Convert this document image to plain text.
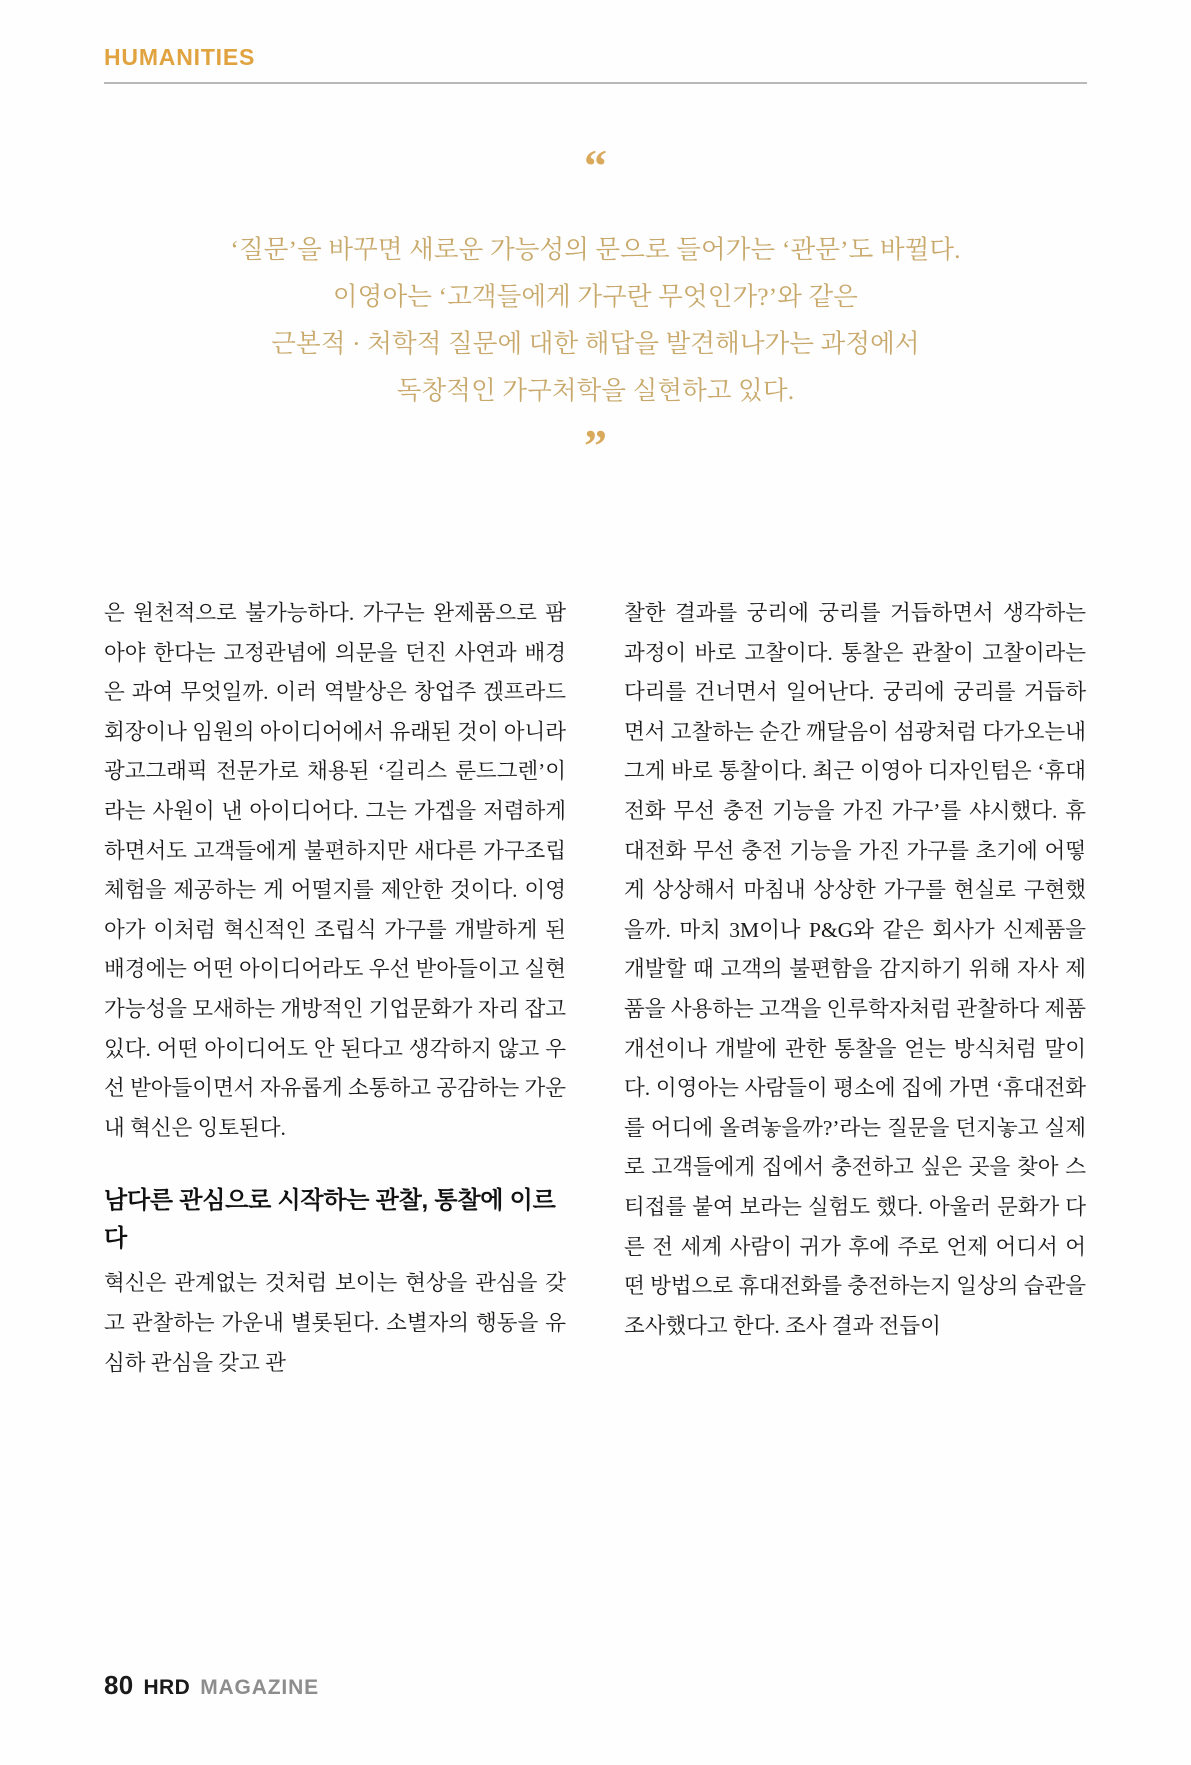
HUMANITIES
“
‘질문’을 바꾸면 새로운 가능성의 문으로 들어가는 ‘관문’도 바뀔다.
이영아는 ‘고객들에게 가구란 무엇인가?’와 같은
근본적 · 처학적 질문에 대한 해답을 발견해나가는 과정에서
독창적인 가구처학을 실현하고 있다.
”
은 원천적으로 불가능하다. 가구는 완제품으로 팜아야 한다는 고정관념에 의문을 던진 사연과 배경은 과여 무엇일까. 이러 역발상은 창업주 겑프라드 회장이나 임원의 아이디어에서 유래된 것이 아니라 광고그래픽 전문가로 채용된 ‘길리스 룬드그렌’이라는 사원이 낸 아이디어다. 그는 가겝을 저렴하게 하면서도 고객들에게 불편하지만 새다른 가구조립 체험을 제공하는 게 어떨지를 제안한 것이다. 이영아가 이처럼 혁신적인 조립식 가구를 개발하게 된 배경에는 어떤 아이디어라도 우선 받아들이고 실현가능성을 모새하는 개방적인 기업문화가 자리 잡고 있다. 어떤 아이디어도 안 된다고 생각하지 않고 우선 받아들이면서 자유롭게 소통하고 공감하는 가운내 혁신은 잉토된다.
남다른 관심으로 시작하는 관찰, 통찰에 이르다
혁신은 관계없는 것처럼 보이는 현상을 관심을 갖고 관찰하는 가운내 별롯된다. 소별자의 행동을 유심하 관심을 갖고 관
찰한 결과를 궁리에 궁리를 거듭하면서 생각하는 과정이 바로 고찰이다. 통찰은 관찰이 고찰이라는 다리를 건너면서 일어난다. 궁리에 궁리를 거듭하면서 고찰하는 순간 깨달음이 섬광처럼 다가오는내 그게 바로 통찰이다. 최근 이영아 디자인텀은 ‘휴대전화 무선 충전 기능을 가진 가구’를 샤시했다. 휴대전화 무선 충전 기능을 가진 가구를 초기에 어떻게 상상해서 마침내 상상한 가구를 현실로 구현했을까. 마치 3M이나 P&G와 같은 회사가 신제품을 개발할 때 고객의 불편함을 감지하기 위해 자사 제품을 사용하는 고객을 인루학자처럼 관찰하다 제품 개선이나 개발에 관한 통찰을 얻는 방식처럼 말이다. 이영아는 사람들이 평소에 집에 가면 ‘휴대전화를 어디에 올려놓을까?’라는 질문을 던지놓고 실제로 고객들에게 집에서 충전하고 싶은 곳을 찾아 스티접를 붙여 보라는 실험도 했다. 아울러 문화가 다른 전 세계 사람이 귀가 후에 주로 언제 어디서 어떤 방법으로 휴대전화를 충전하는지 일상의 습관을 조사했다고 한다. 조사 결과 전듭이
80 HRD MAGAZINE
